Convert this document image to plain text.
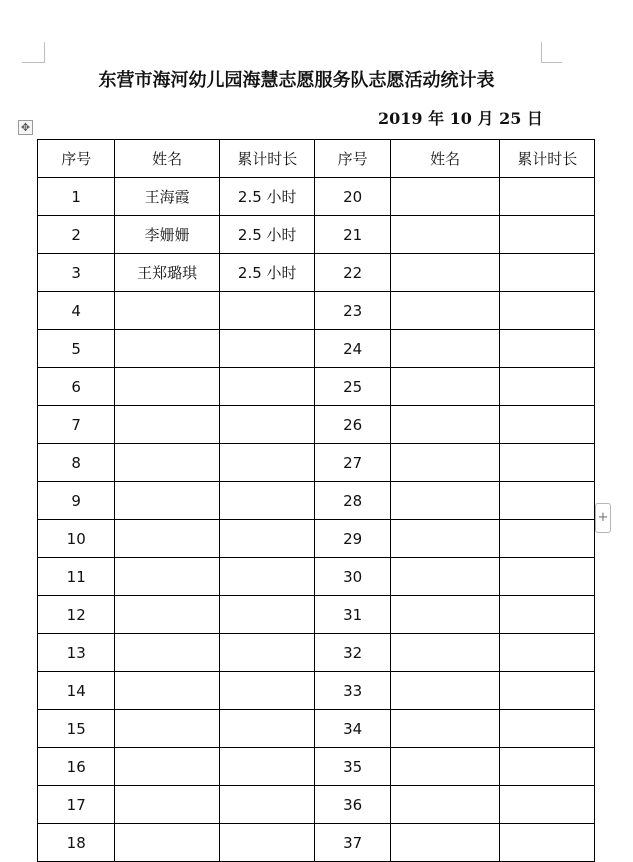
东营市海河幼儿园海慧志愿服务队志愿活动统计表
2019 年 10 月 25 日
✥
+
序号	姓名	累计时长	序号	姓名	累计时长
1	王海霞	2.5 小时	20		
2	李姗姗	2.5 小时	21		
3	王郑璐琪	2.5 小时	22		
4			23		
5			24		
6			25		
7			26		
8			27		
9			28		
10			29		
11			30		
12			31		
13			32		
14			33		
15			34		
16			35		
17			36		
18			37		
